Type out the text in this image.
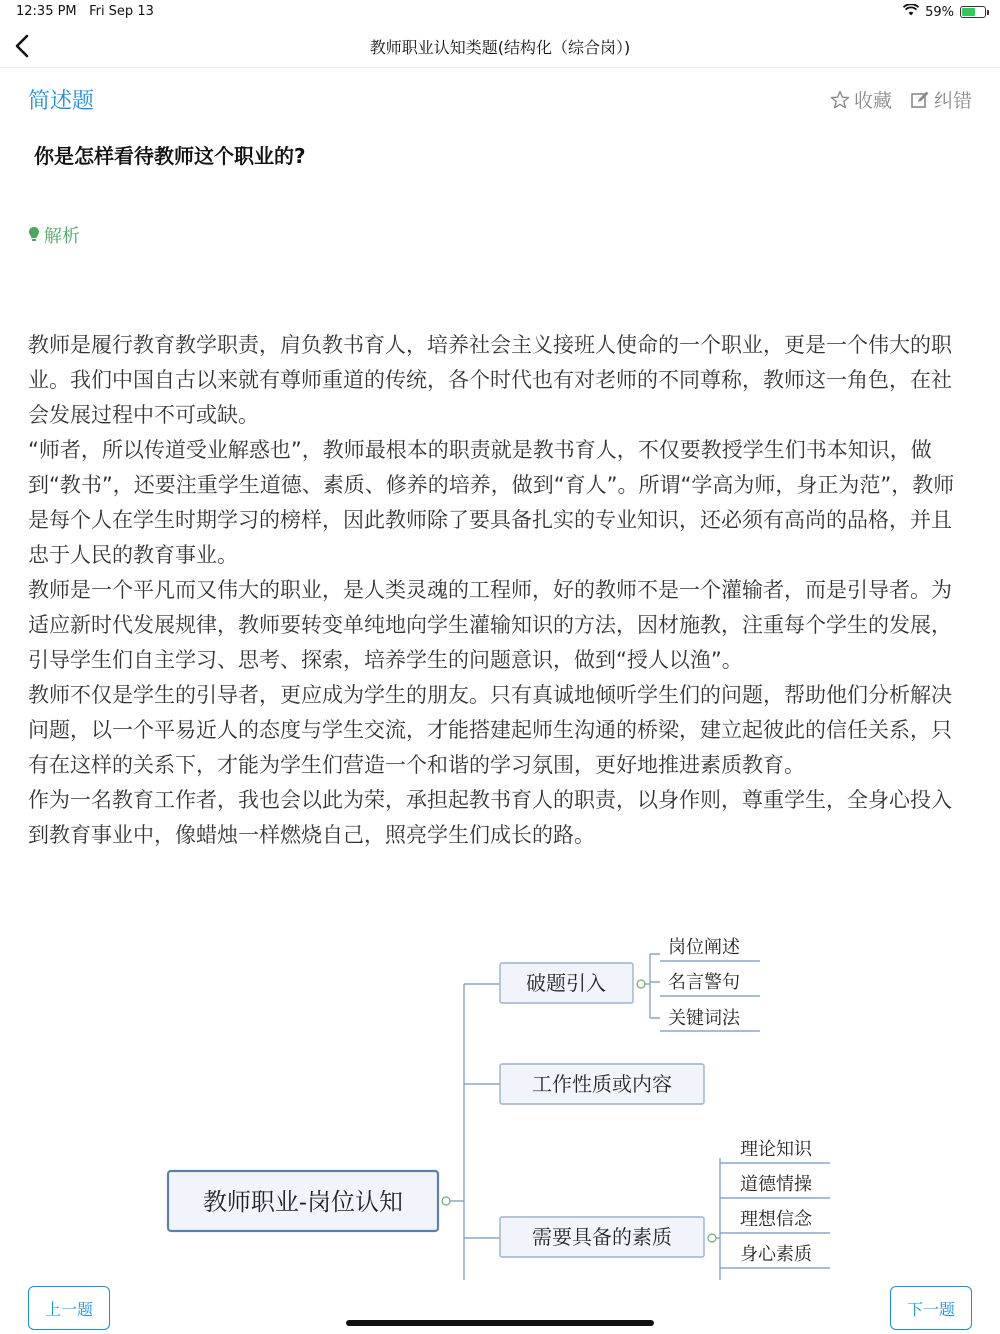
12:35 PM Fri Sep 13	59%
教师职业认知类题(结构化（综合岗）)
简述题	收藏 纠错
你是怎样看待教师这个职业的?
解析

教师是履行教育教学职责，肩负教书育人，培养社会主义接班人使命的一个职业，更是一个伟大的职业。我们中国自古以来就有尊师重道的传统，各个时代也有对老师的不同尊称，教师这一角色，在社会发展过程中不可或缺。

“师者，所以传道受业解惑也”，教师最根本的职责就是教书育人，不仅要教授学生们书本知识，做到“教书”，还要注重学生道德、素质、修养的培养，做到“育人”。所谓“学高为师，身正为范”，教师是每个人在学生时期学习的榜样，因此教师除了要具备扎实的专业知识，还必须有高尚的品格，并且忠于人民的教育事业。

教师是一个平凡而又伟大的职业，是人类灵魂的工程师，好的教师不是一个灌输者，而是引导者。为适应新时代发展规律，教师要转变单纯地向学生灌输知识的方法，因材施教，注重每个学生的发展，引导学生们自主学习、思考、探索，培养学生的问题意识，做到“授人以渔”。

教师不仅是学生的引导者，更应成为学生的朋友。只有真诚地倾听学生们的问题，帮助他们分析解决问题，以一个平易近人的态度与学生交流，才能搭建起师生沟通的桥梁，建立起彼此的信任关系，只有在这样的关系下，才能为学生们营造一个和谐的学习氛围，更好地推进素质教育。

作为一名教育工作者，我也会以此为荣，承担起教书育人的职责，以身作则，尊重学生，全身心投入到教育事业中，像蜡烛一样燃烧自己，照亮学生们成长的路。

教师职业-岗位认知
破题引入
工作性质或内容
需要具备的素质
岗位阐述
名言警句
关键词法
理论知识
道德情操
理想信念
身心素质
上一题	下一题
